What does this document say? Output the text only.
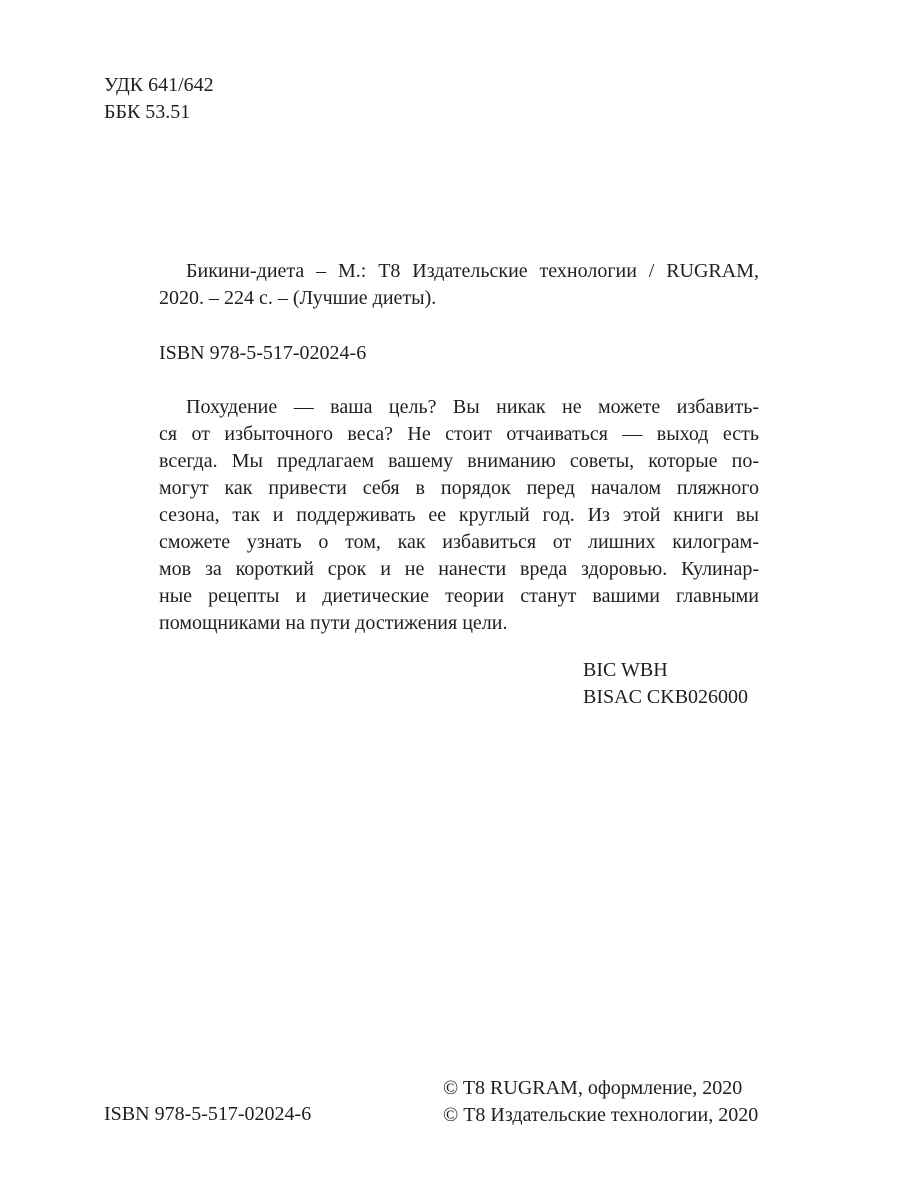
УДК 641/642
ББК 53.51
Бикини-диета – М.: Т8 Издательские технологии / RUGRAM, 2020. – 224 с. – (Лучшие диеты).
ISBN 978-5-517-02024-6
Похудение — ваша цель? Вы никак не можете избавить-
ся от избыточного веса? Не стоит отчаиваться — выход есть
всегда. Мы предлагаем вашему вниманию советы, которые по-
могут как привести себя в порядок перед началом пляжного
сезона, так и поддерживать ее круглый год. Из этой книги вы
сможете узнать о том, как избавиться от лишних килограм-
мов за короткий срок и не нанести вреда здоровью. Кулинар-
ные рецепты и диетические теории станут вашими главными
помощниками на пути достижения цели.
BIC WBH
BISAC CKB026000
ISBN 978-5-517-02024-6
© T8 RUGRAM, оформление, 2020
© Т8 Издательские технологии, 2020
